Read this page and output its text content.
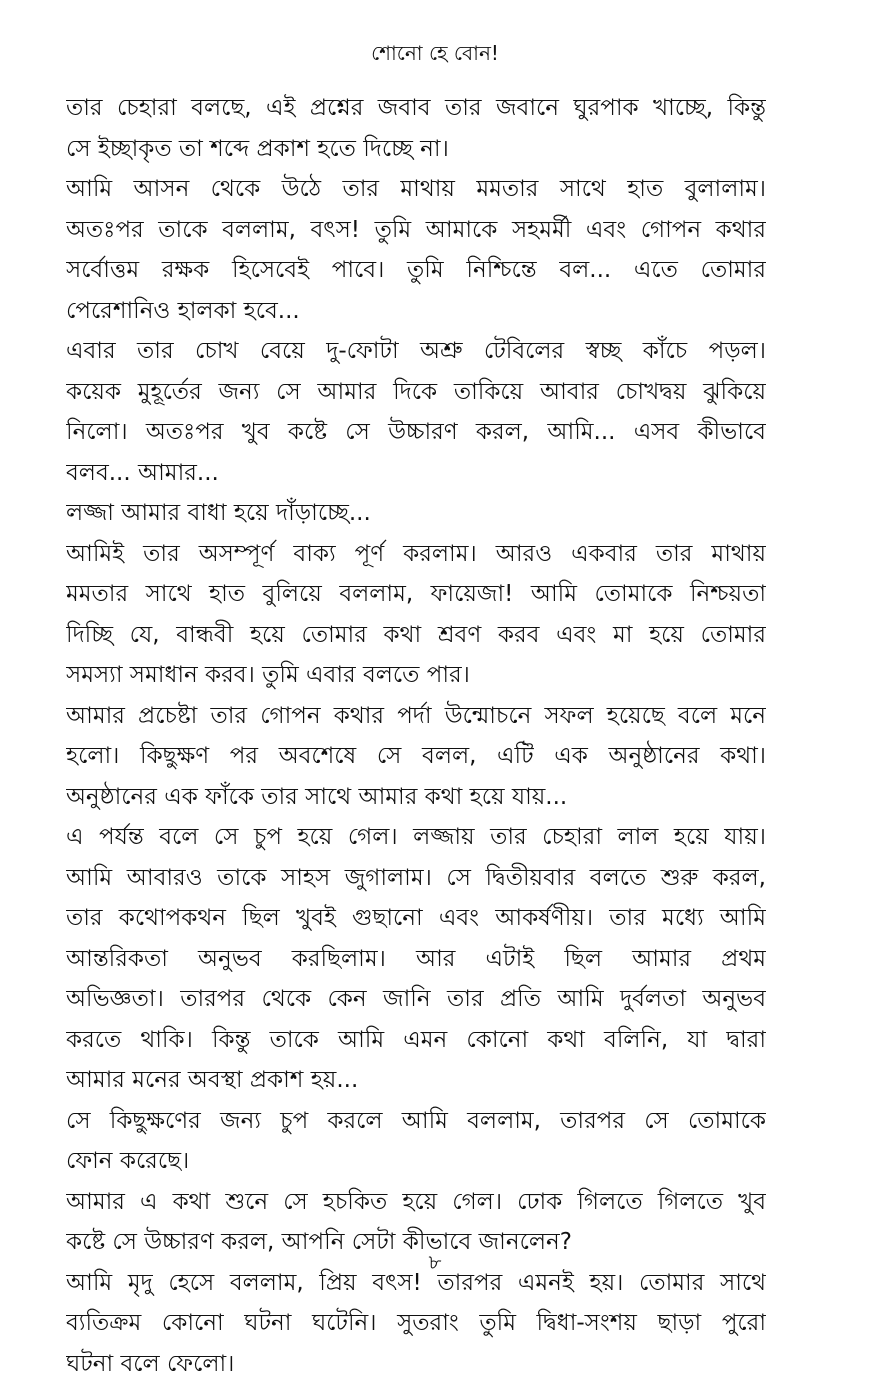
শোনো হে বোন!
তার চেহারা বলছে, এই প্রশ্নের জবাব তার জবানে ঘুরপাক খাচ্ছে, কিন্তু
সে ইচ্ছাকৃত তা শব্দে প্রকাশ হতে দিচ্ছে না।
আমি আসন থেকে উঠে তার মাথায় মমতার সাথে হাত বুলালাম।
অতঃপর তাকে বললাম, বৎস! তুমি আমাকে সহমর্মী এবং গোপন কথার
সর্বোত্তম রক্ষক হিসেবেই পাবে। তুমি নিশ্চিন্তে বল... এতে তোমার
পেরেশানিও হালকা হবে...
এবার তার চোখ বেয়ে দু-ফোটা অশ্রু টেবিলের স্বচ্ছ কাঁচে পড়ল।
কয়েক মুহূর্তের জন্য সে আমার দিকে তাকিয়ে আবার চোখদ্বয় ঝুকিয়ে
নিলো। অতঃপর খুব কষ্টে সে উচ্চারণ করল, আমি... এসব কীভাবে
বলব... আমার...
লজ্জা আমার বাধা হয়ে দাঁড়াচ্ছে...
আমিই তার অসম্পূর্ণ বাক্য পূর্ণ করলাম। আরও একবার তার মাথায়
মমতার সাথে হাত বুলিয়ে বললাম, ফায়েজা! আমি তোমাকে নিশ্চয়তা
দিচ্ছি যে, বান্ধবী হয়ে তোমার কথা শ্রবণ করব এবং মা হয়ে তোমার
সমস্যা সমাধান করব। তুমি এবার বলতে পার।
আমার প্রচেষ্টা তার গোপন কথার পর্দা উন্মোচনে সফল হয়েছে বলে মনে
হলো। কিছুক্ষণ পর অবশেষে সে বলল, এটি এক অনুষ্ঠানের কথা।
অনুষ্ঠানের এক ফাঁকে তার সাথে আমার কথা হয়ে যায়...
এ পর্যন্ত বলে সে চুপ হয়ে গেল। লজ্জায় তার চেহারা লাল হয়ে যায়।
আমি আবারও তাকে সাহস জুগালাম। সে দ্বিতীয়বার বলতে শুরু করল,
তার কথোপকথন ছিল খুবই গুছানো এবং আকর্ষণীয়। তার মধ্যে আমি
আন্তরিকতা অনুভব করছিলাম। আর এটাই ছিল আমার প্রথম
অভিজ্ঞতা। তারপর থেকে কেন জানি তার প্রতি আমি দুর্বলতা অনুভব
করতে থাকি। কিন্তু তাকে আমি এমন কোনো কথা বলিনি, যা দ্বারা
আমার মনের অবস্থা প্রকাশ হয়...
সে কিছুক্ষণের জন্য চুপ করলে আমি বললাম, তারপর সে তোমাকে
ফোন করেছে।
আমার এ কথা শুনে সে হচকিত হয়ে গেল। ঢোক গিলতে গিলতে খুব
কষ্টে সে উচ্চারণ করল, আপনি সেটা কীভাবে জানলেন?
আমি মৃদু হেসে বললাম, প্রিয় বৎস! তারপর এমনই হয়। তোমার সাথে
ব্যতিক্রম কোনো ঘটনা ঘটেনি। সুতরাং তুমি দ্বিধা-সংশয় ছাড়া পুরো
ঘটনা বলে ফেলো।
৮
